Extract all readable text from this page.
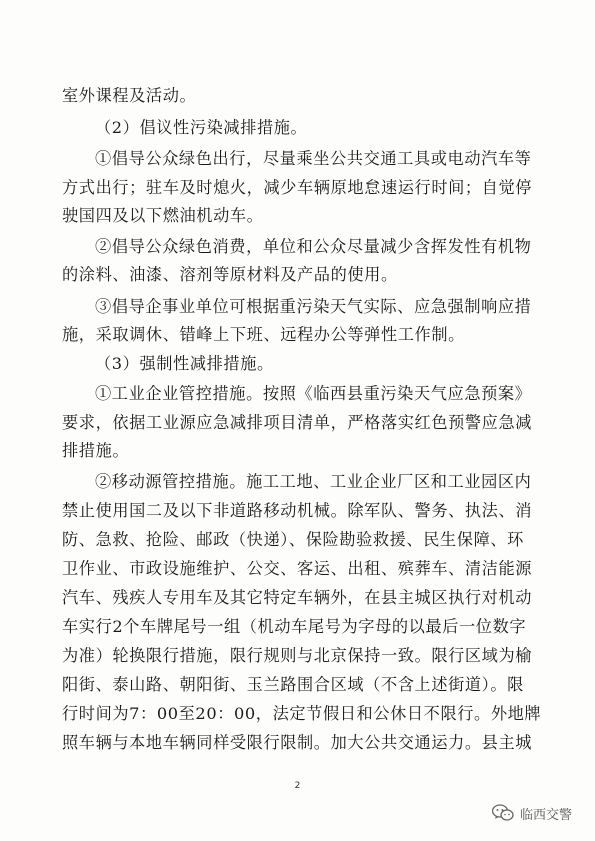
室外课程及活动。
（2）倡议性污染减排措施。
①倡导公众绿色出行，尽量乘坐公共交通工具或电动汽车等
方式出行；驻车及时熄火，减少车辆原地怠速运行时间；自觉停
驶国四及以下燃油机动车。
②倡导公众绿色消费，单位和公众尽量减少含挥发性有机物
的涂料、油漆、溶剂等原材料及产品的使用。
③倡导企事业单位可根据重污染天气实际、应急强制响应措
施，采取调休、错峰上下班、远程办公等弹性工作制。
（3）强制性减排措施。
①工业企业管控措施。按照《临西县重污染天气应急预案》
要求，依据工业源应急减排项目清单，严格落实红色预警应急减
排措施。
②移动源管控措施。施工工地、工业企业厂区和工业园区内
禁止使用国二及以下非道路移动机械。除军队、警务、执法、消
防、急救、抢险、邮政（快递）、保险勘验救援、民生保障、环
卫作业、市政设施维护、公交、客运、出租、殡葬车、清洁能源
汽车、残疾人专用车及其它特定车辆外，在县主城区执行对机动
车实行2个车牌尾号一组（机动车尾号为字母的以最后一位数字
为准）轮换限行措施，限行规则与北京保持一致。限行区域为榆
阳街、泰山路、朝阳街、玉兰路围合区域（不含上述街道）。限
行时间为7：00至20：00，法定节假日和公休日不限行。外地牌
照车辆与本地车辆同样受限行限制。加大公共交通运力。县主城
2
临西交警
